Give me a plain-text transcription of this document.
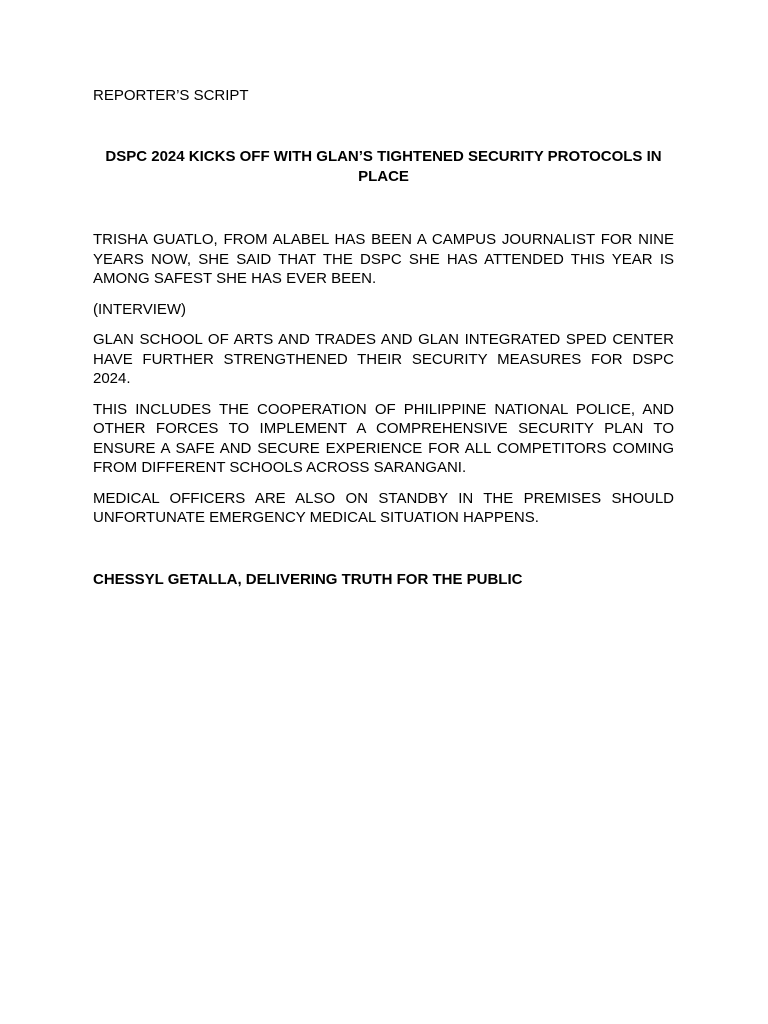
REPORTER’S SCRIPT

DSPC 2024 KICKS OFF WITH GLAN’S TIGHTENED SECURITY PROTOCOLS IN PLACE

TRISHA GUATLO, FROM ALABEL HAS BEEN A CAMPUS JOURNALIST FOR NINE YEARS NOW, SHE SAID THAT THE DSPC SHE HAS ATTENDED THIS YEAR IS AMONG SAFEST SHE HAS EVER BEEN.

(INTERVIEW)

GLAN SCHOOL OF ARTS AND TRADES AND GLAN INTEGRATED SPED CENTER HAVE FURTHER STRENGTHENED THEIR SECURITY MEASURES FOR DSPC 2024.

THIS INCLUDES THE COOPERATION OF PHILIPPINE NATIONAL POLICE, AND OTHER FORCES TO IMPLEMENT A COMPREHENSIVE SECURITY PLAN TO ENSURE A SAFE AND SECURE EXPERIENCE FOR ALL COMPETITORS COMING FROM DIFFERENT SCHOOLS ACROSS SARANGANI.

MEDICAL OFFICERS ARE ALSO ON STANDBY IN THE PREMISES SHOULD UNFORTUNATE EMERGENCY MEDICAL SITUATION HAPPENS.

CHESSYL GETALLA, DELIVERING TRUTH FOR THE PUBLIC
